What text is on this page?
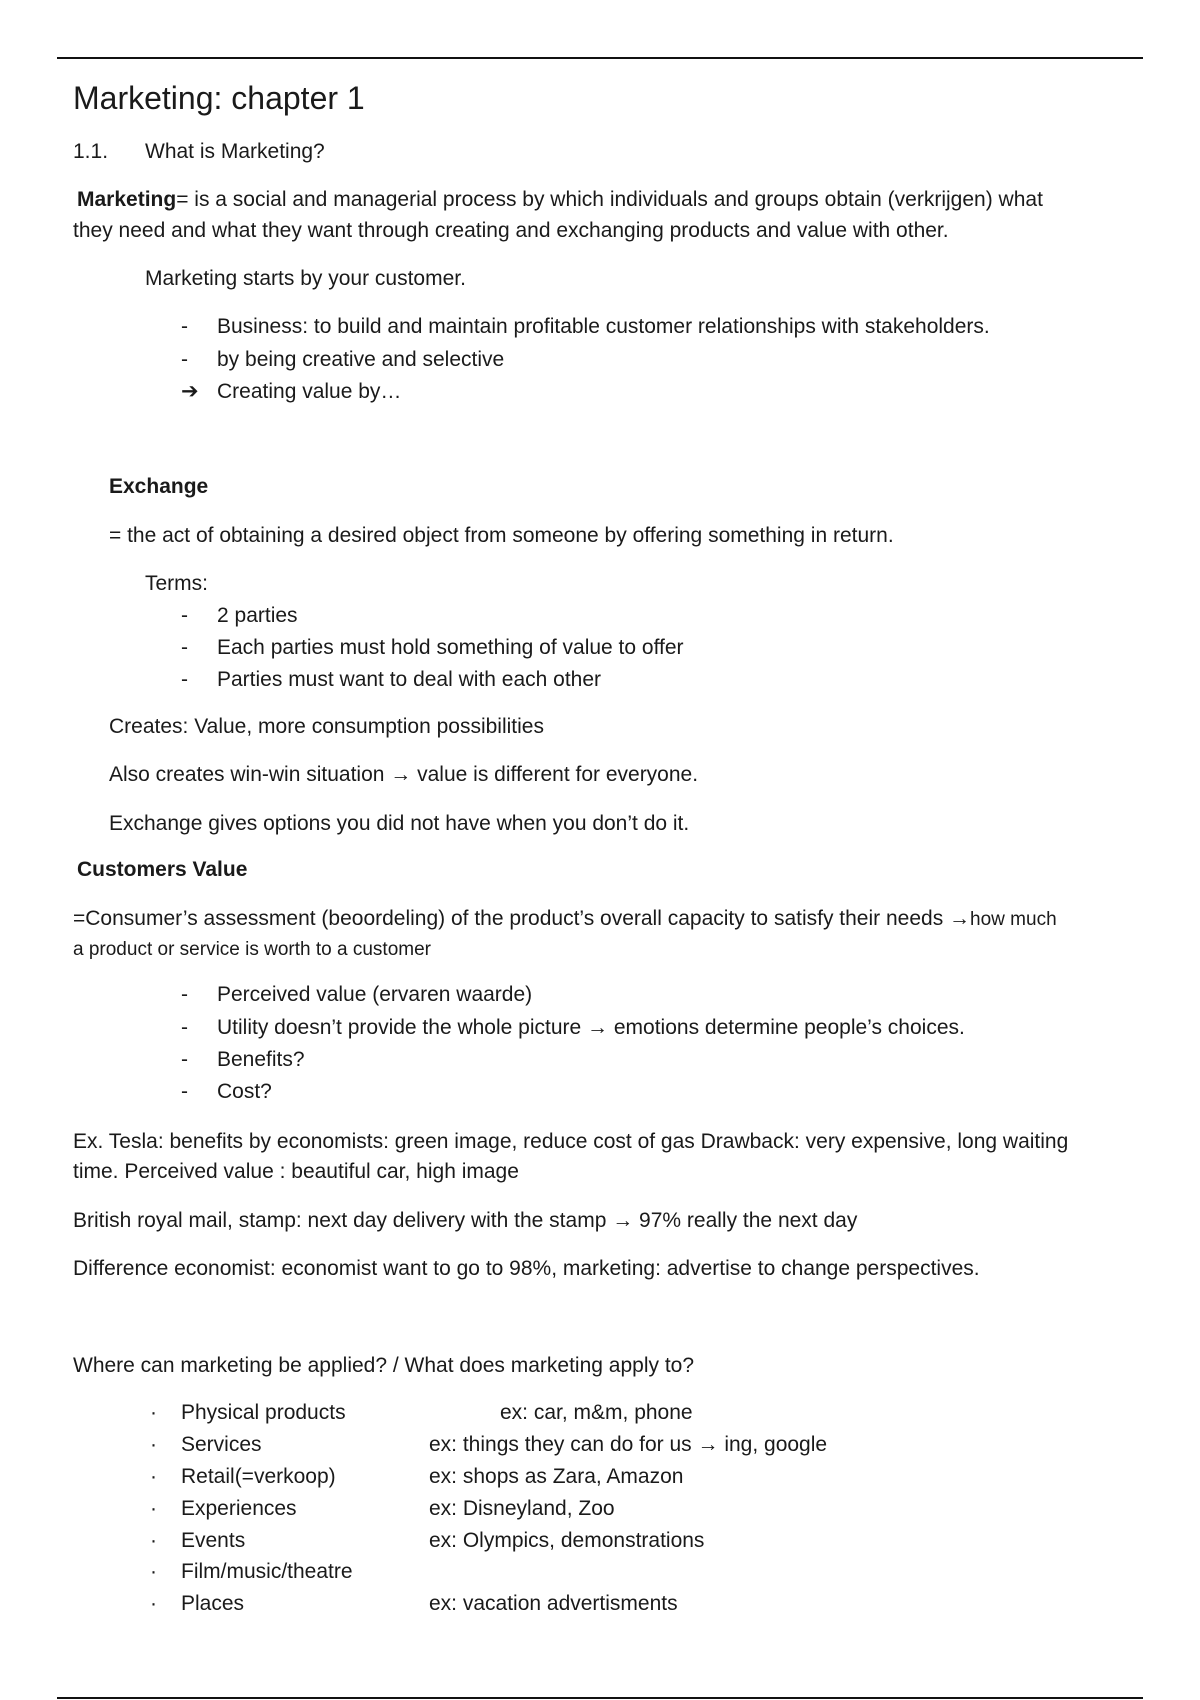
Marketing: chapter 1
1.1. What is Marketing?
Marketing= is a social and managerial process by which individuals and groups obtain (verkrijgen) what
they need and what they want through creating and exchanging products and value with other.
Marketing starts by your customer.
-	Business: to build and maintain profitable customer relationships with stakeholders.
-	by being creative and selective
➔ Creating value by…
Exchange
= the act of obtaining a desired object from someone by offering something in return.
Terms:
-	2 parties
-	Each parties must hold something of value to offer
-	Parties must want to deal with each other
Creates: Value, more consumption possibilities
Also creates win-win situation → value is different for everyone.
Exchange gives options you did not have when you don’t do it.
Customers Value
=Consumer’s assessment (beoordeling) of the product’s overall capacity to satisfy their needs →how much
a product or service is worth to a customer
-	Perceived value (ervaren waarde)
-	Utility doesn’t provide the whole picture → emotions determine people’s choices.
-	Benefits?
-	Cost?
Ex. Tesla: benefits by economists: green image, reduce cost of gas Drawback: very expensive, long waiting
time. Perceived value : beautiful car, high image
British royal mail, stamp: next day delivery with the stamp → 97% really the next day
Difference economist: economist want to go to 98%, marketing: advertise to change perspectives.
Where can marketing be applied? / What does marketing apply to?
·	Physical products	ex: car, m&m, phone
·	Services	ex: things they can do for us → ing, google
·	Retail(=verkoop)	ex: shops as Zara, Amazon
·	Experiences	ex: Disneyland, Zoo
·	Events	ex: Olympics, demonstrations
·	Film/music/theatre
·	Places	ex: vacation advertisments
